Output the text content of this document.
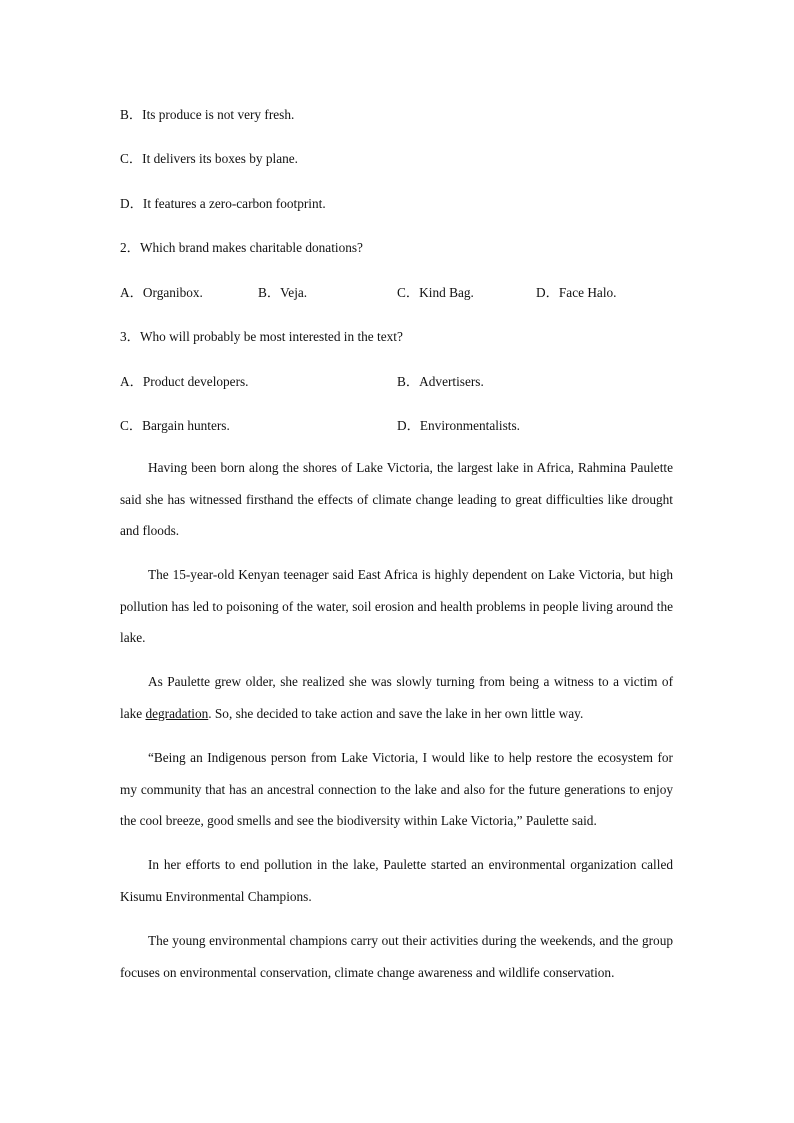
B．Its produce is not very fresh.
C．It delivers its boxes by plane.
D．It features a zero-carbon footprint.
2．Which brand makes charitable donations?
A．Organibox.	B．Veja.	C．Kind Bag.	D．Face Halo.
3．Who will probably be most interested in the text?
A．Product developers.	B．Advertisers.
C．Bargain hunters.	D．Environmentalists.

Having been born along the shores of Lake Victoria, the largest lake in Africa, Rahmina Paulette said she has witnessed firsthand the effects of climate change leading to great difficulties like drought and floods.

The 15-year-old Kenyan teenager said East Africa is highly dependent on Lake Victoria, but high pollution has led to poisoning of the water, soil erosion and health problems in people living around the lake.

As Paulette grew older, she realized she was slowly turning from being a witness to a victim of lake degradation. So, she decided to take action and save the lake in her own little way.

“Being an Indigenous person from Lake Victoria, I would like to help restore the ecosystem for my community that has an ancestral connection to the lake and also for the future generations to enjoy the cool breeze, good smells and see the biodiversity within Lake Victoria,” Paulette said.

In her efforts to end pollution in the lake, Paulette started an environmental organization called Kisumu Environmental Champions.

The young environmental champions carry out their activities during the weekends, and the group focuses on environmental conservation, climate change awareness and wildlife conservation.
